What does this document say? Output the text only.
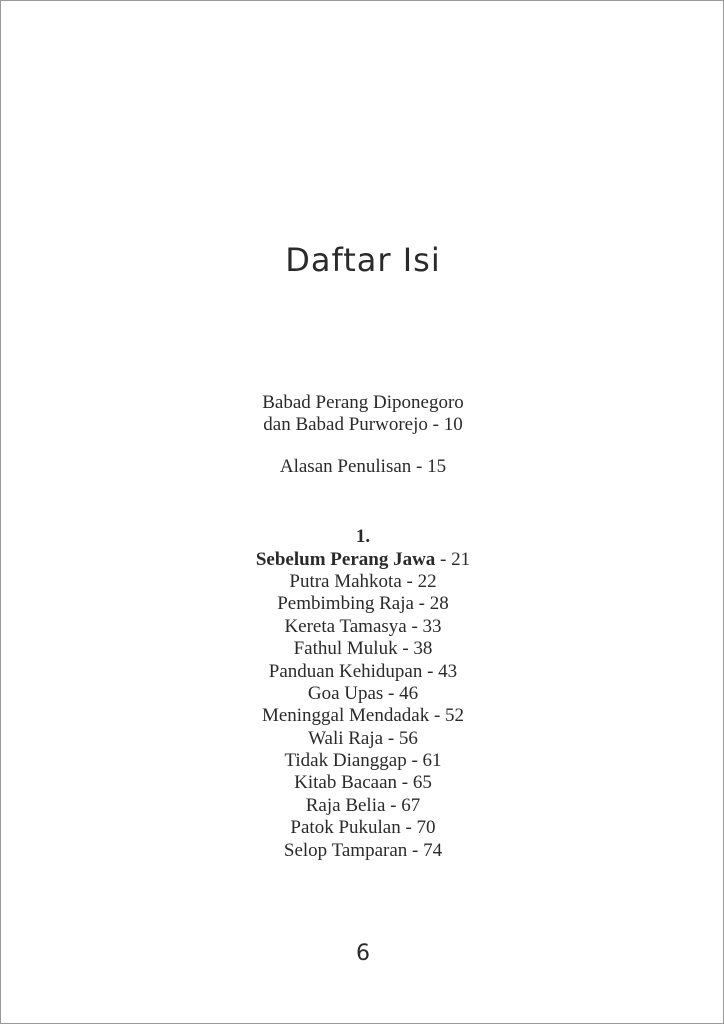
Daftar Isi
Babad Perang Diponegoro
dan Babad Purworejo - 10
Alasan Penulisan - 15
1.
Sebelum Perang Jawa - 21
Putra Mahkota - 22
Pembimbing Raja - 28
Kereta Tamasya - 33
Fathul Muluk - 38
Panduan Kehidupan - 43
Goa Upas - 46
Meninggal Mendadak - 52
Wali Raja - 56
Tidak Dianggap - 61
Kitab Bacaan - 65
Raja Belia - 67
Patok Pukulan - 70
Selop Tamparan - 74
6
